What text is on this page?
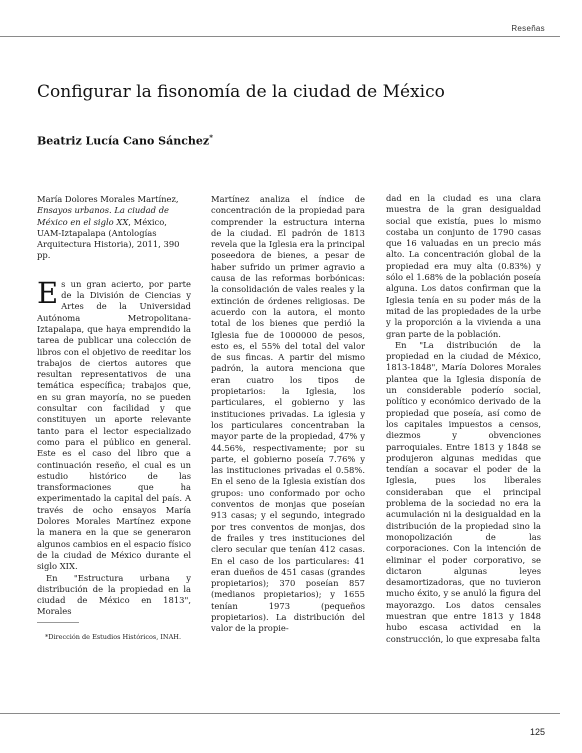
Reseñas
Configurar la fisonomía de la ciudad de México
Beatriz Lucía Cano Sánchez*

María Dolores Morales Martínez, Ensayos urbanos. La ciudad de México en el siglo XX, México, UAM-Iztapalapa (Antologías Arquitectura Historia), 2011, 390 pp.

Es un gran acierto, por parte de la División de Ciencias y Artes de la Universidad Autónoma Metropolitana-Iztapalapa, que haya emprendido la tarea de publicar una colección de libros con el objetivo de reeditar los trabajos de ciertos autores que resultan representativos de una temática específica; trabajos que, en su gran mayoría, no se pueden consultar con facilidad y que constituyen un aporte relevante tanto para el lector especializado como para el público en general. Este es el caso del libro que a continuación reseño, el cual es un estudio histórico de las transformaciones que ha experimentado la capital del país. A través de ocho ensayos María Dolores Morales Martínez expone la manera en la que se generaron algunos cambios en el espacio físico de la ciudad de México durante el siglo XIX.

En "Estructura urbana y distribución de la propiedad en la ciudad de México en 1813", Morales

Martínez analiza el índice de concentración de la propiedad para comprender la estructura interna de la ciudad. El padrón de 1813 revela que la Iglesia era la principal poseedora de bienes, a pesar de haber sufrido un primer agravio a causa de las reformas borbónicas: la consolidación de vales reales y la extinción de órdenes religiosas. De acuerdo con la autora, el monto total de los bienes que perdió la Iglesia fue de 1000000 de pesos, esto es, el 55% del total del valor de sus fincas. A partir del mismo padrón, la autora menciona que eran cuatro los tipos de propietarios: la Iglesia, los particulares, el gobierno y las instituciones privadas. La iglesia y los particulares concentraban la mayor parte de la propiedad, 47% y 44.56%, respectivamente; por su parte, el gobierno poseía 7.76% y las instituciones privadas el 0.58%. En el seno de la Iglesia existían dos grupos: uno conformado por ocho conventos de monjas que poseían 913 casas; y el segundo, integrado por tres conventos de monjas, dos de frailes y tres instituciones del clero secular que tenían 412 casas. En el caso de los particulares: 41 eran dueños de 451 casas (grandes propietarios); 370 poseían 857 (medianos propietarios); y 1655 tenían 1973 (pequeños propietarios). La distribución del valor de la propie-

dad en la ciudad es una clara muestra de la gran desigualdad social que existía, pues lo mismo costaba un conjunto de 1790 casas que 16 valuadas en un precio más alto. La concentración global de la propiedad era muy alta (0.83%) y sólo el 1.68% de la población poseía alguna. Los datos confirman que la Iglesia tenía en su poder más de la mitad de las propiedades de la urbe y la proporción a la vivienda a una gran parte de la población.

En "La distribución de la propiedad en la ciudad de México, 1813-1848", María Dolores Morales plantea que la Iglesia disponía de un considerable poderío social, político y económico derivado de la propiedad que poseía, así como de los capitales impuestos a censos, diezmos y obvenciones parroquiales. Entre 1813 y 1848 se produjeron algunas medidas que tendían a socavar el poder de la Iglesia, pues los liberales consideraban que el principal problema de la sociedad no era la acumulación ni la desigualdad en la distribución de la propiedad sino la monopolización de las corporaciones. Con la intención de eliminar el poder corporativo, se dictaron algunas leyes desamortizadoras, que no tuvieron mucho éxito, y se anuló la figura del mayorazgo. Los datos censales muestran que entre 1813 y 1848 hubo escasa actividad en la construcción, lo que expresaba falta

*Dirección de Estudios Históricos, INAH.
125
